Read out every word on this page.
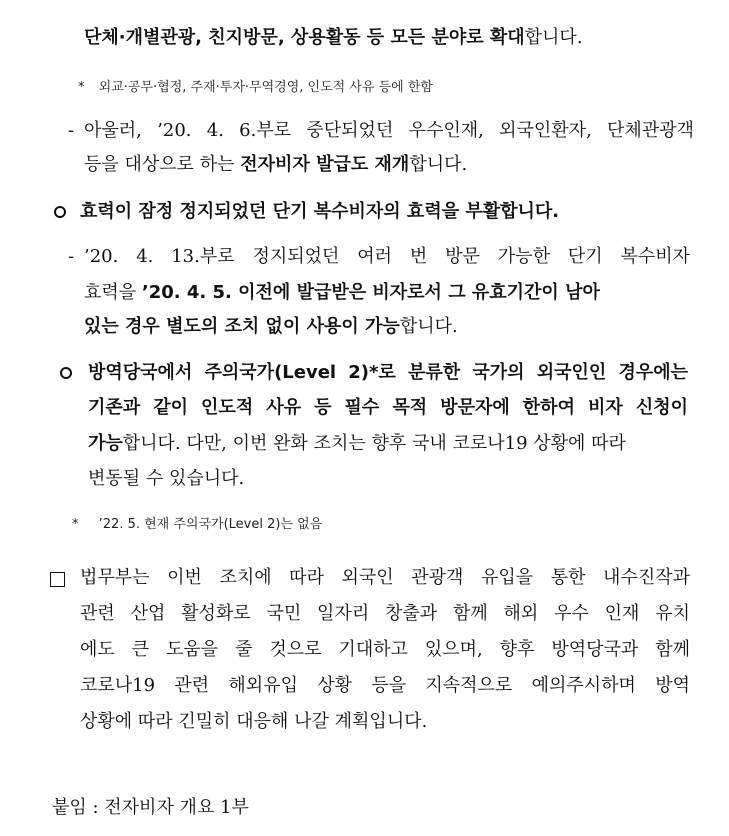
단체·개별관광, 친지방문, 상용활동 등 모든 분야로 확대합니다.
* 외교·공무·협정, 주재·투자·무역경영, 인도적 사유 등에 한함
- 아울러, ’20. 4. 6.부로 중단되었던 우수인재, 외국인환자, 단체관광객
등을 대상으로 하는 전자비자 발급도 재개합니다.
효력이 잠정 정지되었던 단기 복수비자의 효력을 부활합니다.
- ’20. 4. 13.부로 정지되었던 여러 번 방문 가능한 단기 복수비자
효력을 ’20. 4. 5. 이전에 발급받은 비자로서 그 유효기간이 남아
있는 경우 별도의 조치 없이 사용이 가능합니다.
방역당국에서 주의국가(Level 2)*로 분류한 국가의 외국인인 경우에는
기존과 같이 인도적 사유 등 필수 목적 방문자에 한하여 비자 신청이
가능합니다. 다만, 이번 완화 조치는 향후 국내 코로나19 상황에 따라
변동될 수 있습니다.
* ’22. 5. 현재 주의국가(Level 2)는 없음
법무부는 이번 조치에 따라 외국인 관광객 유입을 통한 내수진작과
관련 산업 활성화로 국민 일자리 창출과 함께 해외 우수 인재 유치
에도 큰 도움을 줄 것으로 기대하고 있으며, 향후 방역당국과 함께
코로나19 관련 해외유입 상황 등을 지속적으로 예의주시하며 방역
상황에 따라 긴밀히 대응해 나갈 계획입니다.
붙임 : 전자비자 개요 1부
